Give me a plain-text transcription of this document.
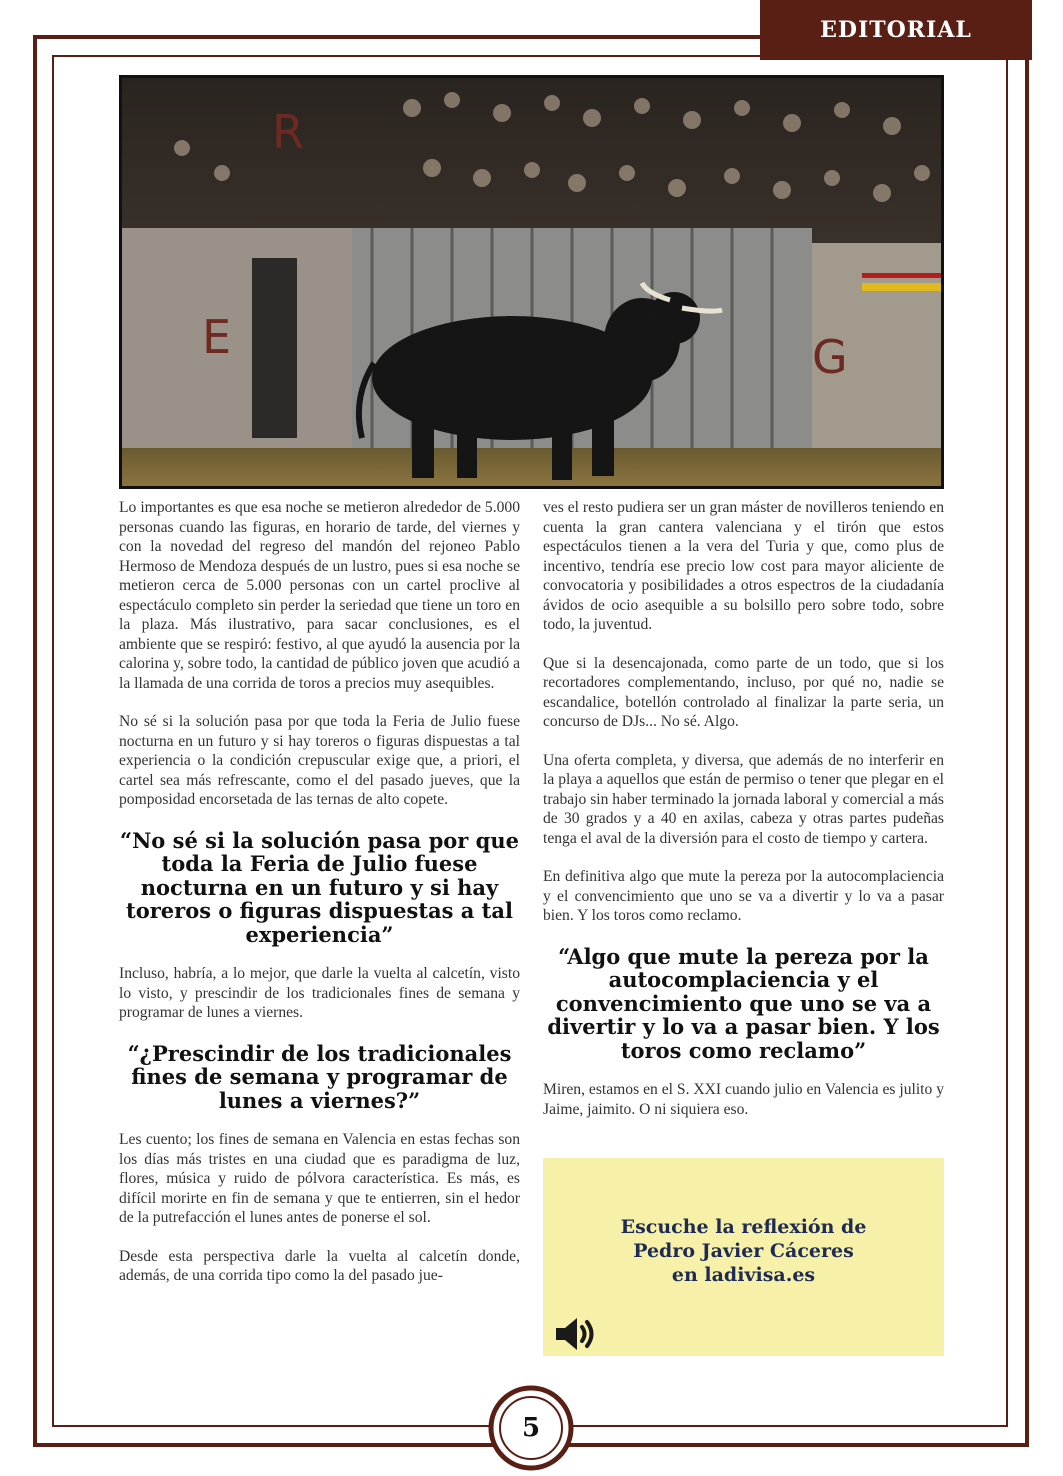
EDITORIAL
R
E	G

Lo importantes es que esa noche se metieron alrededor de 5.000 personas cuando las figuras, en horario de tarde, del viernes y con la novedad del regreso del mandón del rejoneo Pablo Hermoso de Mendoza después de un lustro, pues si esa noche se metieron cerca de 5.000 personas con un cartel proclive al espectáculo completo sin perder la seriedad que tiene un toro en la plaza. Más ilustrativo, para sacar conclusiones, es el ambiente que se respiró: festivo, al que ayudó la ausencia por la calorina y, sobre todo, la cantidad de público joven que acudió a la llamada de una corrida de toros a precios muy asequibles.

No sé si la solución pasa por que toda la Feria de Julio fuese nocturna en un futuro y si hay toreros o figuras dispuestas a tal experiencia o la condición crepuscular exige que, a priori, el cartel sea más refrescante, como el del pasado jueves, que la pomposidad encorsetada de las ternas de alto copete.

“No sé si la solución pasa por que toda la Feria de Julio fuese nocturna en un futuro y si hay toreros o figuras dispuestas a tal experiencia”

Incluso, habría, a lo mejor, que darle la vuelta al calcetín, visto lo visto, y prescindir de los tradicionales fines de semana y programar de lunes a viernes.

“¿Prescindir de los tradicionales fines de semana y programar de lunes a viernes?”

Les cuento; los fines de semana en Valencia en estas fechas son los días más tristes en una ciudad que es paradigma de luz, flores, música y ruido de pólvora característica. Es más, es difícil morirte en fin de semana y que te entierren, sin el hedor de la putrefacción el lunes antes de ponerse el sol.

Desde esta perspectiva darle la vuelta al calcetín donde, además, de una corrida tipo como la del pasado jue-

ves el resto pudiera ser un gran máster de novilleros teniendo en cuenta la gran cantera valenciana y el tirón que estos espectáculos tienen a la vera del Turia y que, como plus de incentivo, tendría ese precio low cost para mayor aliciente de convocatoria y posibilidades a otros espectros de la ciudadanía ávidos de ocio asequible a su bolsillo pero sobre todo, sobre todo, la juventud.

Que si la desencajonada, como parte de un todo, que si los recortadores complementando, incluso, por qué no, nadie se escandalice, botellón controlado al finalizar la parte seria, un concurso de DJs... No sé. Algo.

Una oferta completa, y diversa, que además de no interferir en la playa a aquellos que están de permiso o tener que plegar en el trabajo sin haber terminado la jornada laboral y comercial a más de 30 grados y a 40 en axilas, cabeza y otras partes pudeñas tenga el aval de la diversión para el costo de tiempo y cartera.

En definitiva algo que mute la pereza por la autocomplaciencia y el convencimiento que uno se va a divertir y lo va a pasar bien. Y los toros como reclamo.

“Algo que mute la pereza por la autocomplaciencia y el convencimiento que uno se va a divertir y lo va a pasar bien. Y los toros como reclamo”

Miren, estamos en el S. XXI cuando julio en Valencia es julito y Jaime, jaimito. O ni siquiera eso.

Escuche la reflexión de
Pedro Javier Cáceres
en ladivisa.es
5
